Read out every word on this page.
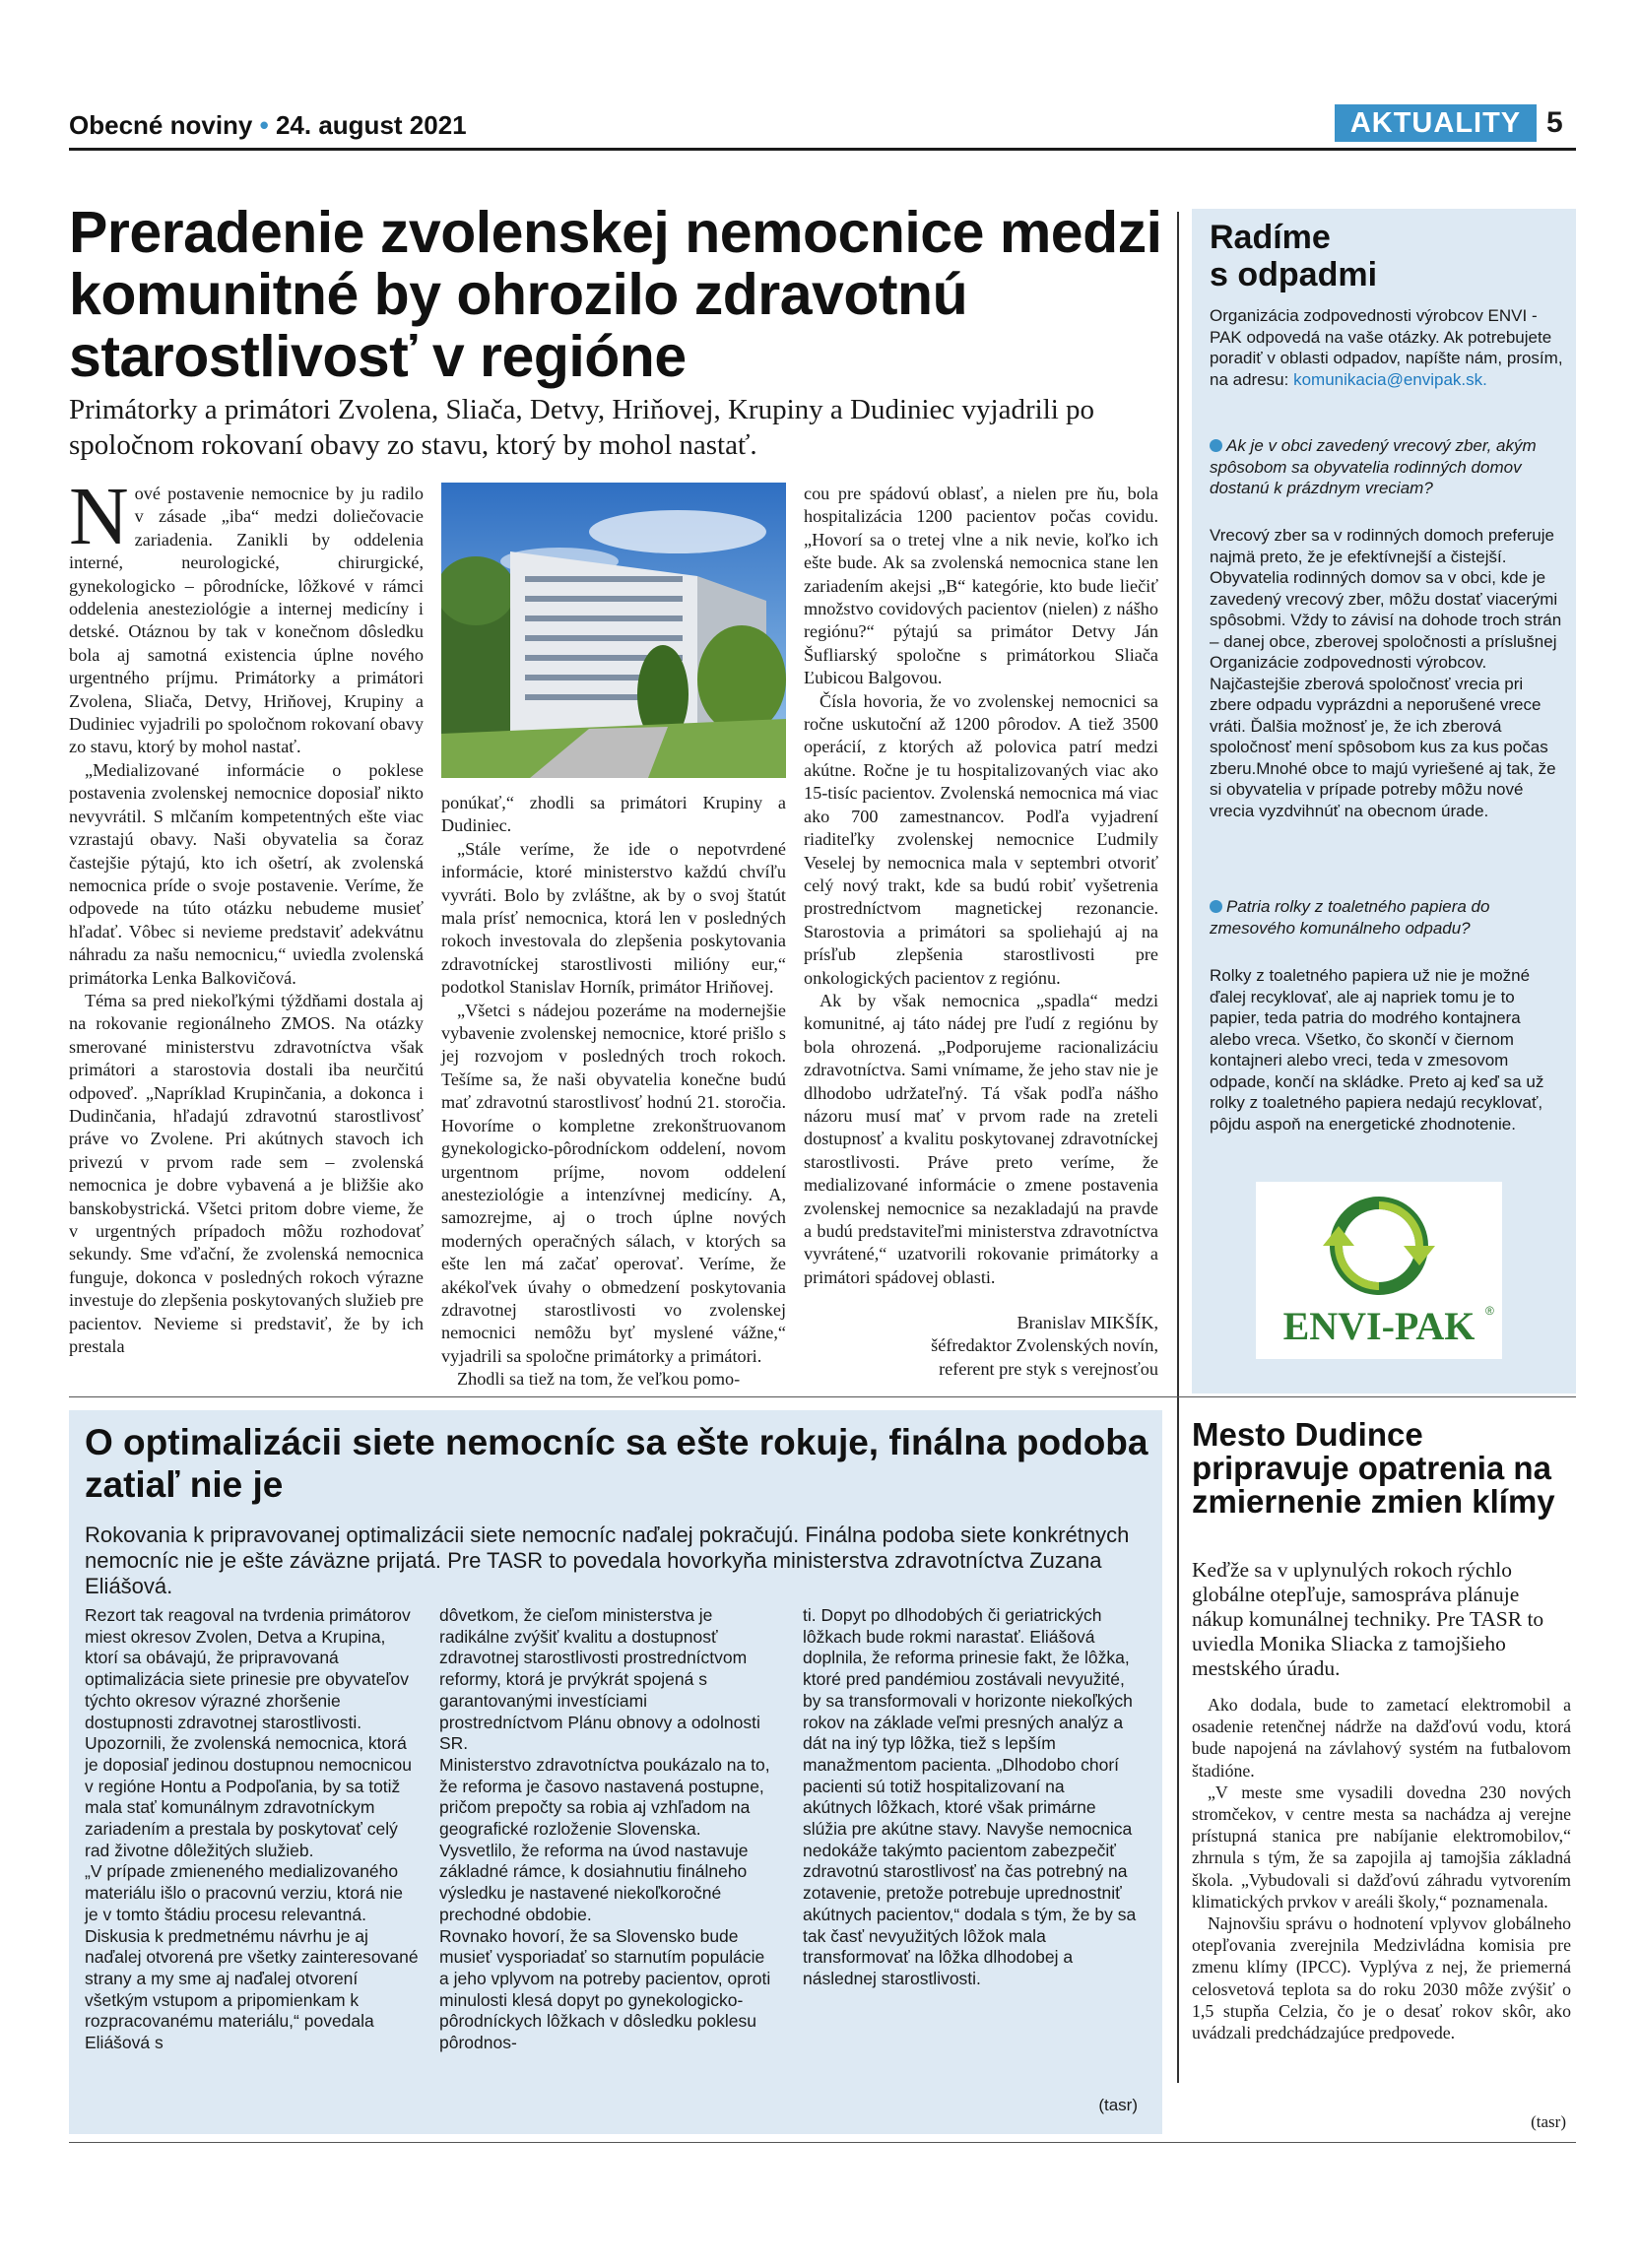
Obecné noviny • 24. august 2021	AKTUALITY 5
Preradenie zvolenskej nemocnice medzi komunitné by ohrozilo zdravotnú starostlivosť v regióne
Primátorky a primátori Zvolena, Sliača, Detvy, Hriňovej, Krupiny a Dudiniec vyjadrili po spoločnom rokovaní obavy zo stavu, ktorý by mohol nastať.

Nové postavenie nemocnice by ju radilo v zásade „iba“ medzi doliečovacie zariadenia. Zanikli by oddelenia interné, neurologické, chirurgické, gynekologicko – pôrodnícke, lôžkové v rámci oddelenia anesteziológie a internej medicíny i detské. Otáznou by tak v konečnom dôsledku bola aj samotná existencia úplne nového urgentného príjmu. Primátorky a primátori Zvolena, Sliača, Detvy, Hriňovej, Krupiny a Dudiniec vyjadrili po spoločnom rokovaní obavy zo stavu, ktorý by mohol nastať.

„Medializované informácie o poklese postavenia zvolenskej nemocnice doposiaľ nikto nevyvrátil. S mlčaním kompetentných ešte viac vzrastajú obavy. Naši obyvatelia sa čoraz častejšie pýtajú, kto ich ošetrí, ak zvolenská nemocnica príde o svoje postavenie. Veríme, že odpovede na túto otázku nebudeme musieť hľadať. Vôbec si nevieme predstaviť adekvátnu náhradu za našu nemocnicu,“ uviedla zvolenská primátorka Lenka Balkovičová.

Téma sa pred niekoľkými týždňami dostala aj na rokovanie regionálneho ZMOS. Na otázky smerované ministerstvu zdravotníctva však primátori a starostovia dostali iba neurčitú odpoveď. „Napríklad Krupinčania, a dokonca i Dudinčania, hľadajú zdravotnú starostlivosť práve vo Zvolene. Pri akútnych stavoch ich privezú v prvom rade sem – zvolenská nemocnica je dobre vybavená a je bližšie ako banskobystrická. Všetci pritom dobre vieme, že v urgentných prípadoch môžu rozhodovať sekundy. Sme vďační, že zvolenská nemocnica funguje, dokonca v posledných rokoch výrazne investuje do zlepšenia poskytovaných služieb pre pacientov. Nevieme si predstaviť, že by ich prestala

ponúkať,“ zhodli sa primátori Krupiny a Dudiniec.

„Stále veríme, že ide o nepotvrdené informácie, ktoré ministerstvo každú chvíľu vyvráti. Bolo by zvláštne, ak by o svoj štatút mala prísť nemocnica, ktorá len v posledných rokoch investovala do zlepšenia poskytovania zdravotníckej starostlivosti milióny eur,“ podotkol Stanislav Horník, primátor Hriňovej.

„Všetci s nádejou pozeráme na modernejšie vybavenie zvolenskej nemocnice, ktoré prišlo s jej rozvojom v posledných troch rokoch. Tešíme sa, že naši obyvatelia konečne budú mať zdravotnú starostlivosť hodnú 21. storočia. Hovoríme o kompletne zrekonštruovanom gynekologicko-pôrodníckom oddelení, novom urgentnom príjme, novom oddelení anesteziológie a intenzívnej medicíny. A, samozrejme, aj o troch úplne nových moderných operačných sálach, v ktorých sa ešte len má začať operovať. Veríme, že akékoľvek úvahy o obmedzení poskytovania zdravotnej starostlivosti vo zvolenskej nemocnici nemôžu byť myslené vážne,“ vyjadrili sa spoločne primátorky a primátori.

Zhodli sa tiež na tom, že veľkou pomo-

cou pre spádovú oblasť, a nielen pre ňu, bola hospitalizácia 1200 pacientov počas covidu. „Hovorí sa o tretej vlne a nik nevie, koľko ich ešte bude. Ak sa zvolenská nemocnica stane len zariadením akejsi „B“ kategórie, kto bude liečiť množstvo covidových pacientov (nielen) z nášho regiónu?“ pýtajú sa primátor Detvy Ján Šufliarský spoločne s primátorkou Sliača Ľubicou Balgovou.

Čísla hovoria, že vo zvolenskej nemocnici sa ročne uskutoční až 1200 pôrodov. A tiež 3500 operácií, z ktorých až polovica patrí medzi akútne. Ročne je tu hospitalizovaných viac ako 15-tisíc pacientov. Zvolenská nemocnica má viac ako 700 zamestnancov. Podľa vyjadrení riaditeľky zvolenskej nemocnice Ľudmily Veselej by nemocnica mala v septembri otvoriť celý nový trakt, kde sa budú robiť vyšetrenia prostredníctvom magnetickej rezonancie. Starostovia a primátori sa spoliehajú aj na prísľub zlepšenia starostlivosti pre onkologických pacientov z regiónu.

Ak by však nemocnica „spadla“ medzi komunitné, aj táto nádej pre ľudí z regiónu by bola ohrozená. „Podporujeme racionalizáciu zdravotníctva. Sami vnímame, že jeho stav nie je dlhodobo udržateľný. Tá však podľa nášho názoru musí mať v prvom rade na zreteli dostupnosť a kvalitu poskytovanej zdravotníckej starostlivosti. Práve preto veríme, že medializované informácie o zmene postavenia zvolenskej nemocnice sa nezakladajú na pravde a budú predstaviteľmi ministerstva zdravotníctva vyvrátené,“ uzatvorili rokovanie primátorky a primátori spádovej oblasti.

Branislav MIKŠÍK,
šéfredaktor Zvolenských novín,
referent pre styk s verejnosťou
Radíme
s odpadmi
Organizácia zodpovednosti výrobcov ENVI - PAK odpovedá na vaše otázky. Ak potrebujete poradiť v oblasti odpadov, napíšte nám, prosím, na adresu: komunikacia@envipak.sk.
Ak je v obci zavedený vrecový zber, akým spôsobom sa obyvatelia rodinných domov dostanú k prázdnym vreciam?
Vrecový zber sa v rodinných domoch preferuje najmä preto, že je efektívnejší a čistejší. Obyvatelia rodinných domov sa v obci, kde je zavedený vrecový zber, môžu dostať viacerými spôsobmi. Vždy to závisí na dohode troch strán – danej obce, zberovej spoločnosti a príslušnej Organizácie zodpovednosti výrobcov. Najčastejšie zberová spoločnosť vrecia pri zbere odpadu vyprázdni a neporušené vrece vráti. Ďalšia možnosť je, že ich zberová spoločnosť mení spôsobom kus za kus počas zberu.Mnohé obce to majú vyriešené aj tak, že si obyvatelia v prípade potreby môžu nové vrecia vyzdvihnúť na obecnom úrade.
Patria rolky z toaletného papiera do zmesového komunálneho odpadu?
Rolky z toaletného papiera už nie je možné ďalej recyklovať, ale aj napriek tomu je to papier, teda patria do modrého kontajnera alebo vreca. Všetko, čo skončí v čiernom kontajneri alebo vreci, teda v zmesovom odpade, končí na skládke. Preto aj keď sa už rolky z toaletného papiera nedajú recyklovať, pôjdu aspoň na energetické zhodnotenie.
ENVI-PAK ®
O optimalizácii siete nemocníc sa ešte rokuje, finálna podoba zatiaľ nie je
Rokovania k pripravovanej optimalizácii siete nemocníc naďalej pokračujú. Finálna podoba siete konkrétnych nemocníc nie je ešte záväzne prijatá. Pre TASR to povedala hovorkyňa ministerstva zdravotníctva Zuzana Eliášová.

Rezort tak reagoval na tvrdenia primátorov miest okresov Zvolen, Detva a Krupina, ktorí sa obávajú, že pripravovaná optimalizácia siete prinesie pre obyvateľov týchto okresov výrazné zhoršenie dostupnosti zdravotnej starostlivosti. Upozornili, že zvolenská nemocnica, ktorá je doposiaľ jedinou dostupnou nemocnicou v regióne Hontu a Podpoľania, by sa totiž mala stať komunálnym zdravotníckym zariadením a prestala by poskytovať celý rad životne dôležitých služieb.

„V prípade zmieneného medializovaného materiálu išlo o pracovnú verziu, ktorá nie je v tomto štádiu procesu relevantná. Diskusia k predmetnému návrhu je aj naďalej otvorená pre všetky zainteresované strany a my sme aj naďalej otvorení všetkým vstupom a pripomienkam k rozpracovanému materiálu,“ povedala Eliášová s

dôvetkom, že cieľom ministerstva je radikálne zvýšiť kvalitu a dostupnosť zdravotnej starostlivosti prostredníctvom reformy, ktorá je prvýkrát spojená s garantovanými investíciami prostredníctvom Plánu obnovy a odolnosti SR.

Ministerstvo zdravotníctva poukázalo na to, že reforma je časovo nastavená postupne, pričom prepočty sa robia aj vzhľadom na geografické rozloženie Slovenska. Vysvetlilo, že reforma na úvod nastavuje základné rámce, k dosiahnutiu finálneho výsledku je nastavené niekoľkoročné prechodné obdobie.

Rovnako hovorí, že sa Slovensko bude musieť vysporiadať so starnutím populácie a jeho vplyvom na potreby pacientov, oproti minulosti klesá dopyt po gynekologicko-pôrodníckych lôžkach v dôsledku poklesu pôrodnos-

ti. Dopyt po dlhodobých či geriatrických lôžkach bude rokmi narastať. Eliášová doplnila, že reforma prinesie fakt, že lôžka, ktoré pred pandémiou zostávali nevyužité, by sa transformovali v horizonte niekoľkých rokov na základe veľmi presných analýz a dát na iný typ lôžka, tiež s lepším manažmentom pacienta. „Dlhodobo chorí pacienti sú totiž hospitalizovaní na akútnych lôžkach, ktoré však primárne slúžia pre akútne stavy. Navyše nemocnica nedokáže takýmto pacientom zabezpečiť zdravotnú starostlivosť na čas potrebný na zotavenie, pretože potrebuje uprednostniť akútnych pacientov,“ dodala s tým, že by sa tak časť nevyužitých lôžok mala transformovať na lôžka dlhodobej a následnej starostlivosti.

(tasr)
Mesto Dudince pripravuje opatrenia na zmiernenie zmien klímy
Keďže sa v uplynulých rokoch rýchlo globálne otepľuje, samospráva plánuje nákup komunálnej techniky. Pre TASR to uviedla Monika Sliacka z tamojšieho mestského úradu.

Ako dodala, bude to zametací elektromobil a osadenie retenčnej nádrže na dažďovú vodu, ktorá bude napojená na závlahový systém na futbalovom štadióne.

„V meste sme vysadili dovedna 230 nových stromčekov, v centre mesta sa nachádza aj verejne prístupná stanica pre nabíjanie elektromobilov,“ zhrnula s tým, že sa zapojila aj tamojšia základná škola. „Vybudovali si dažďovú záhradu vytvorením klimatických prvkov v areáli školy,“ poznamenala.

Najnovšiu správu o hodnotení vplyvov globálneho otepľovania zverejnila Medzivládna komisia pre zmenu klímy (IPCC). Vyplýva z nej, že priemerná celosvetová teplota sa do roku 2030 môže zvýšiť o 1,5 stupňa Celzia, čo je o desať rokov skôr, ako uvádzali predchádzajúce predpovede.

(tasr)
